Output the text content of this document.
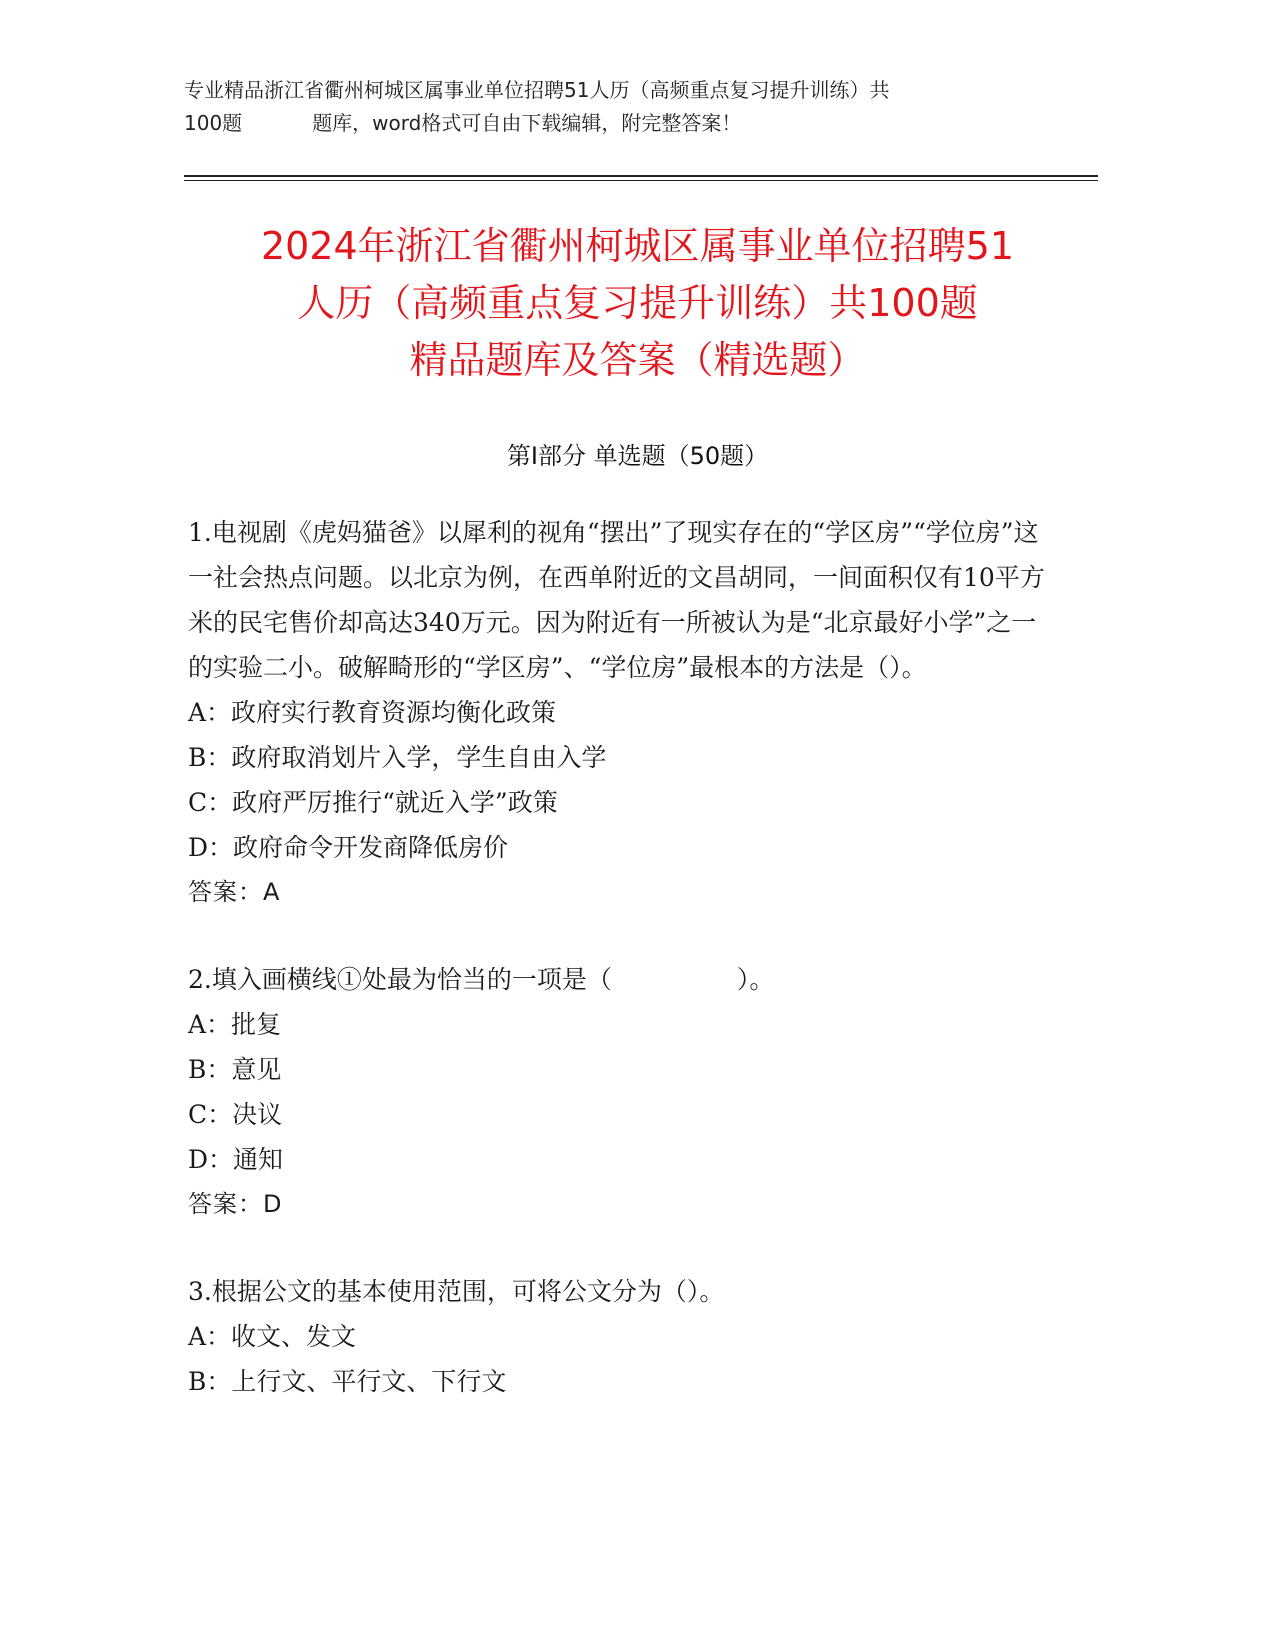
专业精品浙江省衢州柯城区属事业单位招聘51人历（高频重点复习提升训练）共
100题	题库，word格式可自由下载编辑，附完整答案！
2024年浙江省衢州柯城区属事业单位招聘51
人历（高频重点复习提升训练）共100题
精品题库及答案（精选题）
第Ⅰ部分 单选题（50题）

1.电视剧《虎妈猫爸》以犀利的视角“摆出”了现实存在的“学区房”“学位房”这一社会热点问题。以北京为例，在西单附近的文昌胡同，一间面积仅有10平方米的民宅售价却高达340万元。因为附近有一所被认为是“北京最好小学”之一的实验二小。破解畸形的“学区房”、“学位房”最根本的方法是（）。

A：政府实行教育资源均衡化政策

B：政府取消划片入学，学生自由入学

C：政府严厉推行“就近入学”政策

D：政府命令开发商降低房价

答案：A

2.填入画横线①处最为恰当的一项是（　　　　　）。

A：批复

B：意见

C：决议

D：通知

答案：D

3.根据公文的基本使用范围，可将公文分为（）。

A：收文、发文

B：上行文、平行文、下行文
